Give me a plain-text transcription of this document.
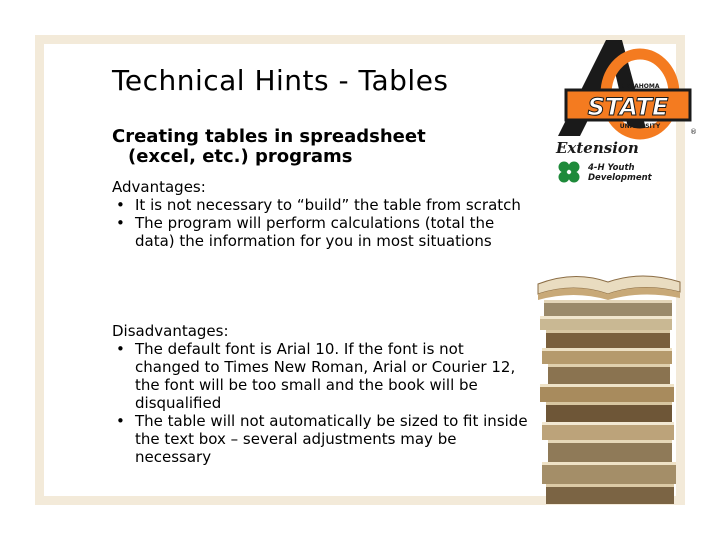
Technical Hints - Tables
Creating tables in spreadsheet
(excel, etc.) programs
Advantages:
• It is not necessary to “build” the table from scratch
• The program will perform calculations (total the data) the information for you in most situations
Disadvantages:
• The default font is Arial 10. If the font is not changed to Times New Roman, Arial or Courier 12, the font will be too small and the book will be disqualified
• The table will not automatically be sized to fit inside the text box – several adjustments may be necessary
OKLAHOMA
STATE
UNIVERSITY
®
Extension
4-H Youth
Development
